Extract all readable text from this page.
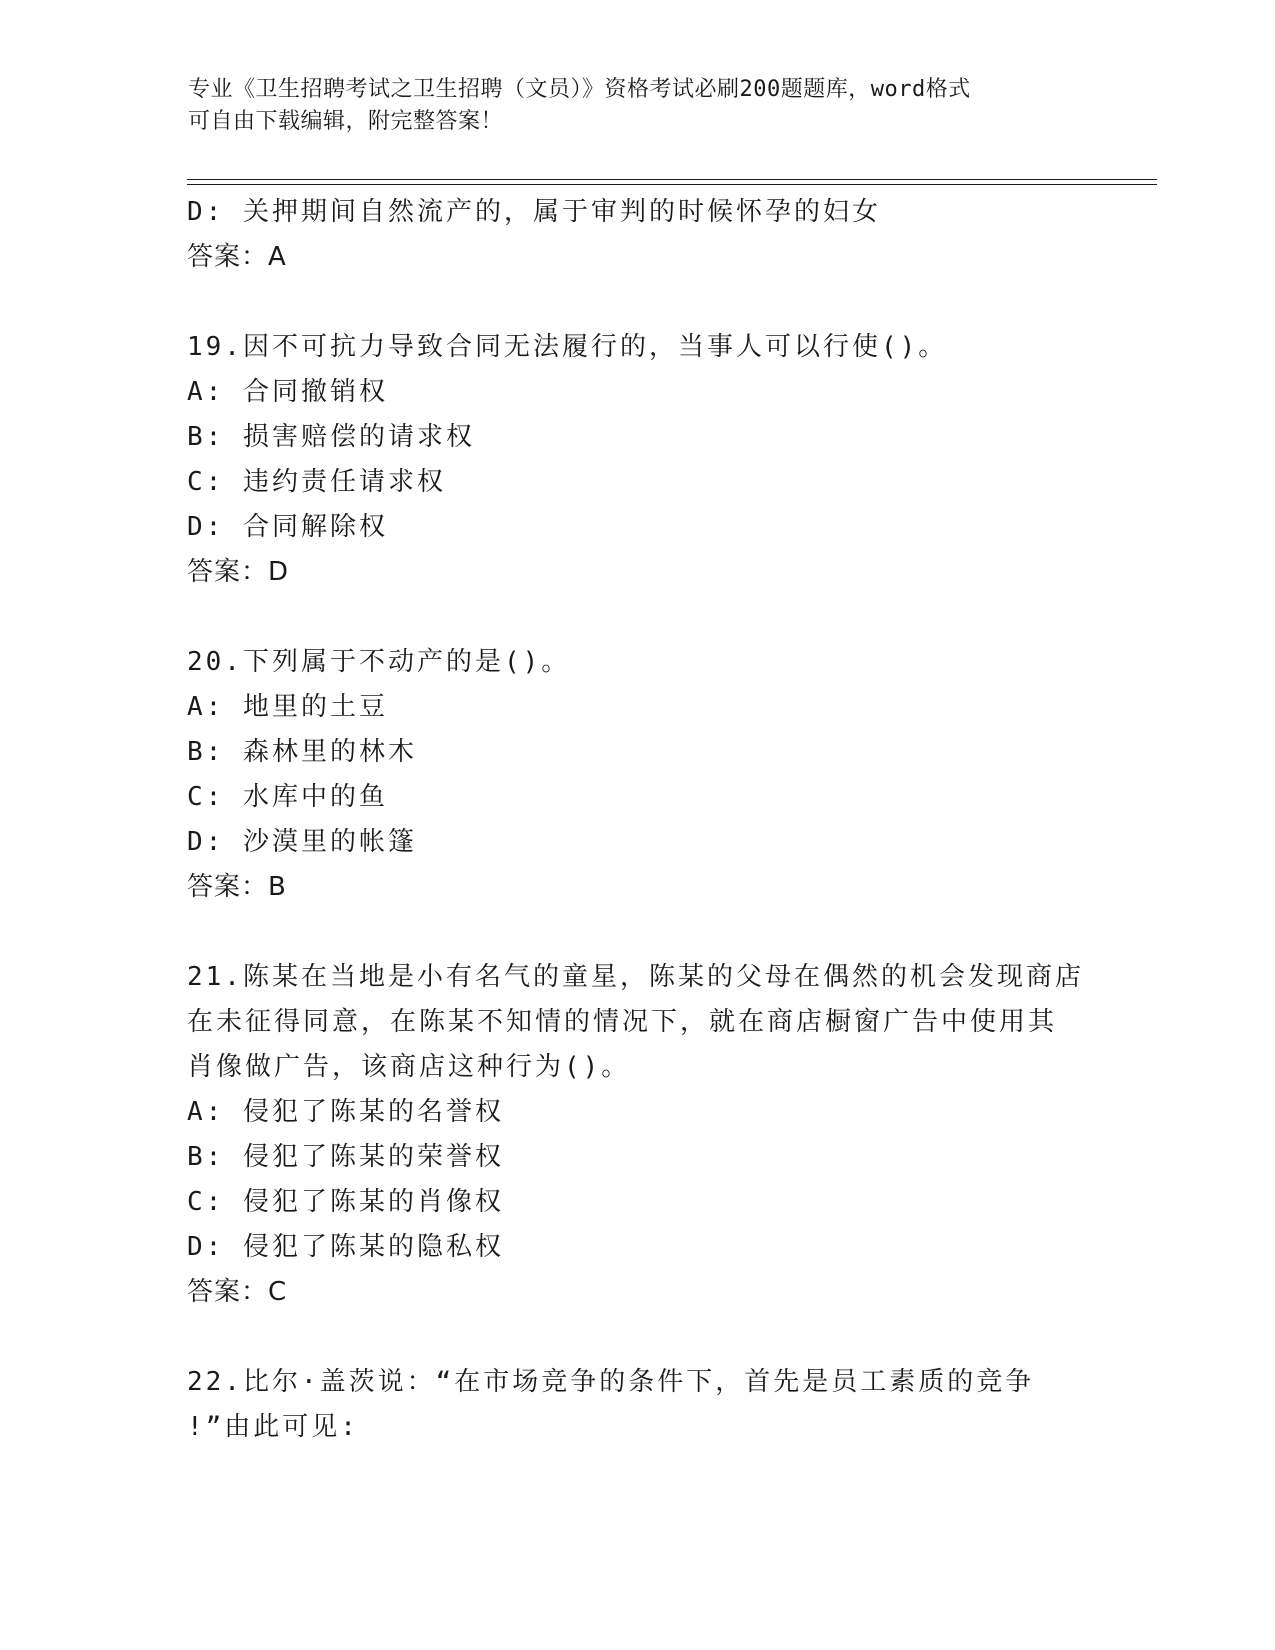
专业《卫生招聘考试之卫生招聘（文员）》资格考试必刷200题题库，word格式
可自由下载编辑，附完整答案！
D: 关押期间自然流产的，属于审判的时候怀孕的妇女
答案：A
19.因不可抗力导致合同无法履行的，当事人可以行使()。
A: 合同撤销权
B: 损害赔偿的请求权
C: 违约责任请求权
D: 合同解除权
答案：D
20.下列属于不动产的是()。
A: 地里的土豆
B: 森林里的林木
C: 水库中的鱼
D: 沙漠里的帐篷
答案：B
21.陈某在当地是小有名气的童星，陈某的父母在偶然的机会发现商店
在未征得同意，在陈某不知情的情况下，就在商店橱窗广告中使用其
肖像做广告，该商店这种行为()。
A: 侵犯了陈某的名誉权
B: 侵犯了陈某的荣誉权
C: 侵犯了陈某的肖像权
D: 侵犯了陈某的隐私权
答案：C
22.比尔·盖茨说：“在市场竞争的条件下，首先是员工素质的竞争
!”由此可见:
